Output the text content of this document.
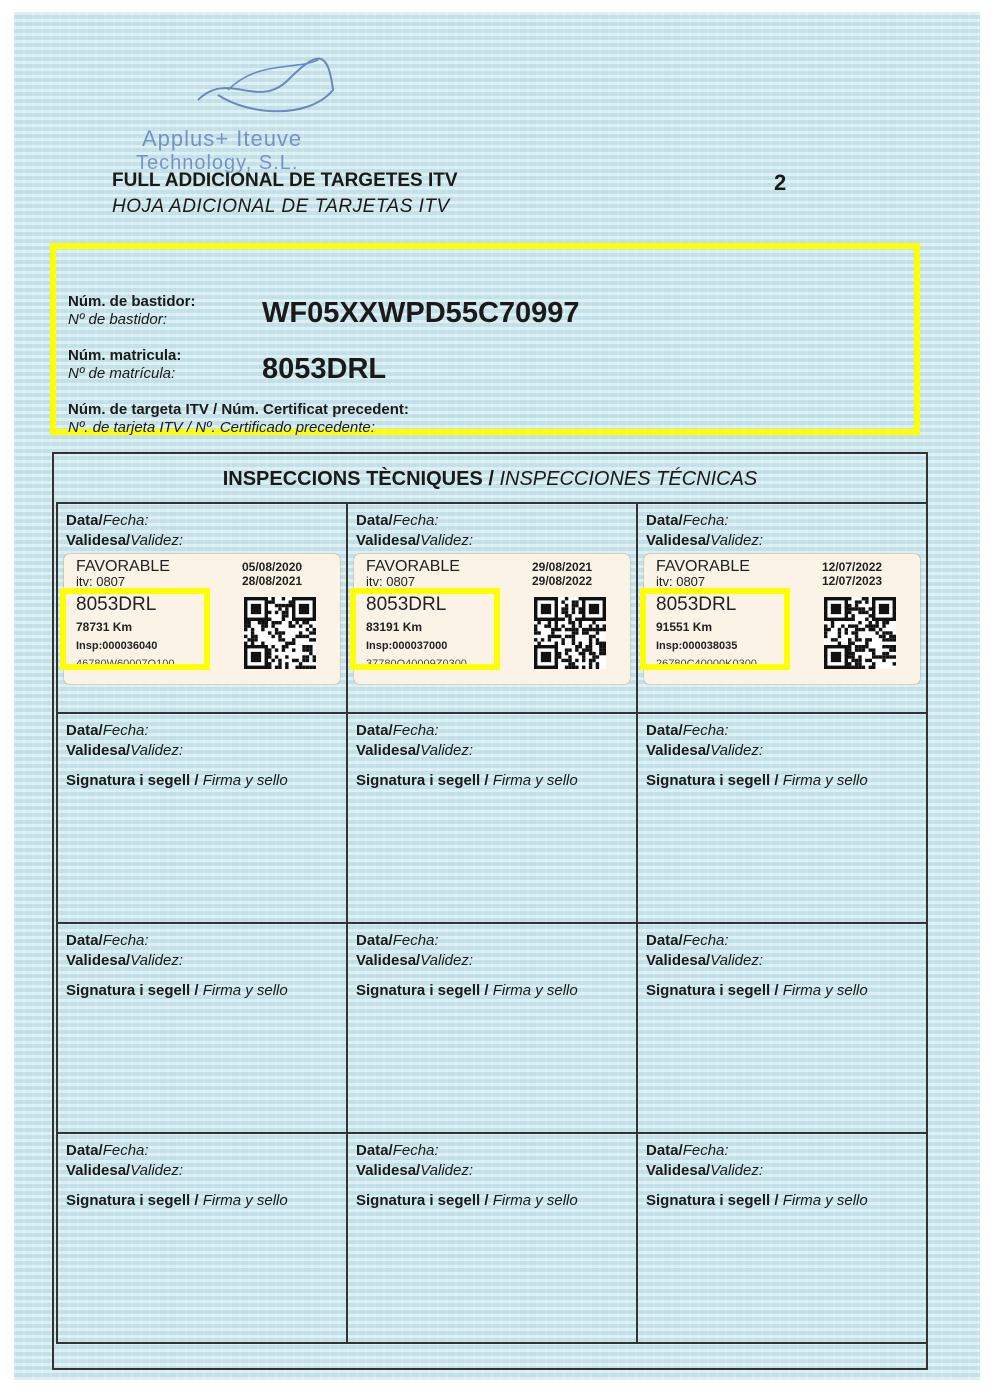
Applus+ Iteuve
Technology, S.L.
FULL ADDICIONAL DE TARGETES ITV
HOJA ADICIONAL DE TARJETAS ITV
2
Núm. de bastidor:
Nº de bastidor:	WF05XXWPD55C70997
Núm. matricula:
Nº de matrícula:	8053DRL
Núm. de targeta ITV / Núm. Certificat precedent:
Nº. de tarjeta ITV / Nº. Certificado precedente:
INSPECCIONS TÈCNIQUES / INSPECCIONES TÉCNICAS
Data/Fecha:
Validesa/Validez:
FAVORABLE
itv: 0807
8053DRL
78731 Km
Insp:000036040
46780W60007Q100
05/08/2020
28/08/2021
Data/Fecha:
Validesa/Validez:
FAVORABLE
itv: 0807
8053DRL
83191 Km
Insp:000037000
37780Q40009Z0300
29/08/2021
29/08/2022
Data/Fecha:
Validesa/Validez:
FAVORABLE
itv: 0807
8053DRL
91551 Km
Insp:000038035
26780C40000K0300
12/07/2022
12/07/2023
Data/Fecha:
Validesa/Validez:
Signatura i segell / Firma y sello
Data/Fecha:
Validesa/Validez:
Signatura i segell / Firma y sello
Data/Fecha:
Validesa/Validez:
Signatura i segell / Firma y sello
Data/Fecha:
Validesa/Validez:
Signatura i segell / Firma y sello
Data/Fecha:
Validesa/Validez:
Signatura i segell / Firma y sello
Data/Fecha:
Validesa/Validez:
Signatura i segell / Firma y sello
Data/Fecha:
Validesa/Validez:
Signatura i segell / Firma y sello
Data/Fecha:
Validesa/Validez:
Signatura i segell / Firma y sello
Data/Fecha:
Validesa/Validez:
Signatura i segell / Firma y sello
